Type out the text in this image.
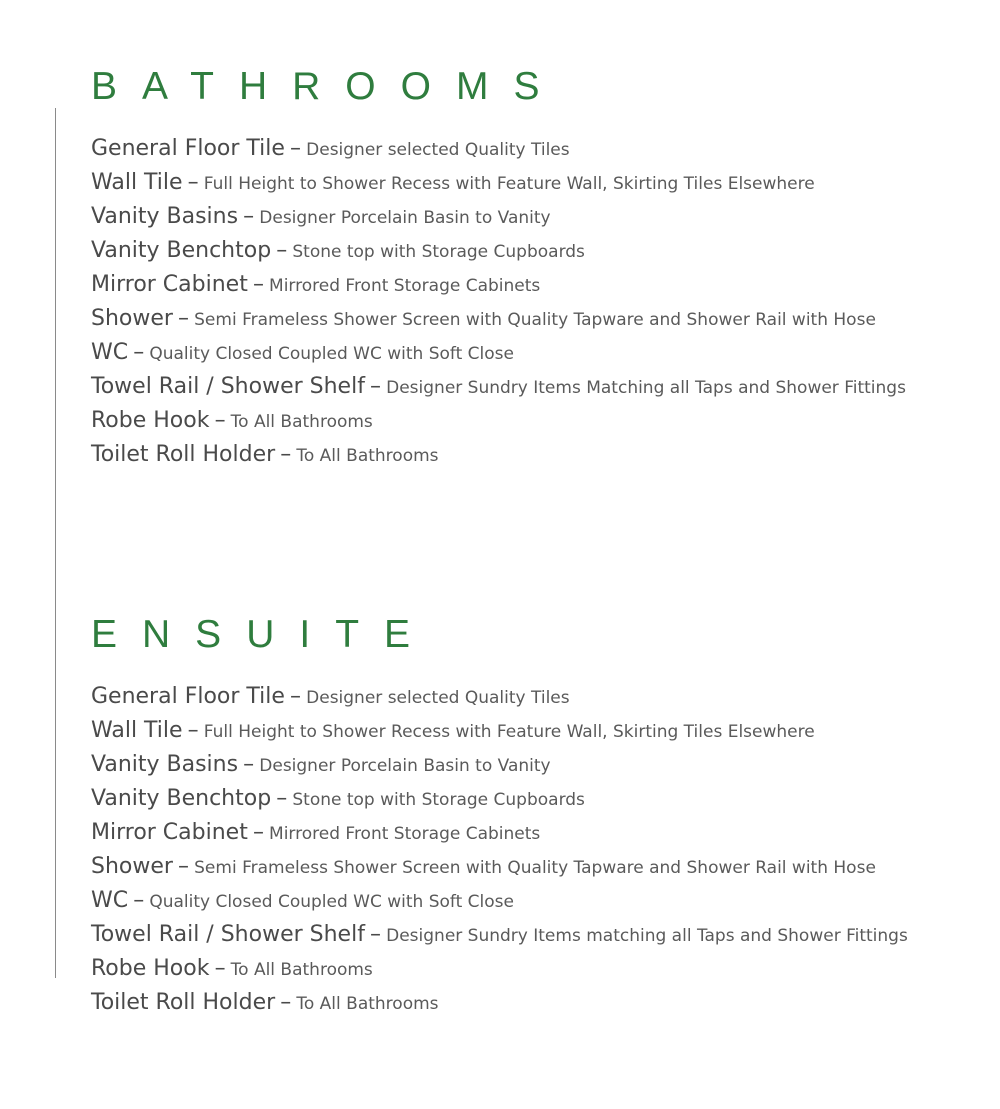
BATHROOMS
General Floor Tile – Designer selected Quality Tiles
Wall Tile – Full Height to Shower Recess with Feature Wall, Skirting Tiles Elsewhere
Vanity Basins – Designer Porcelain Basin to Vanity
Vanity Benchtop – Stone top with Storage Cupboards
Mirror Cabinet – Mirrored Front Storage Cabinets
Shower – Semi Frameless Shower Screen with Quality Tapware and Shower Rail with Hose
WC – Quality Closed Coupled WC with Soft Close
Towel Rail / Shower Shelf – Designer Sundry Items Matching all Taps and Shower Fittings
Robe Hook – To All Bathrooms
Toilet Roll Holder – To All Bathrooms
ENSUITE
General Floor Tile – Designer selected Quality Tiles
Wall Tile – Full Height to Shower Recess with Feature Wall, Skirting Tiles Elsewhere
Vanity Basins – Designer Porcelain Basin to Vanity
Vanity Benchtop – Stone top with Storage Cupboards
Mirror Cabinet – Mirrored Front Storage Cabinets
Shower – Semi Frameless Shower Screen with Quality Tapware and Shower Rail with Hose
WC – Quality Closed Coupled WC with Soft Close
Towel Rail / Shower Shelf – Designer Sundry Items matching all Taps and Shower Fittings
Robe Hook – To All Bathrooms
Toilet Roll Holder – To All Bathrooms
